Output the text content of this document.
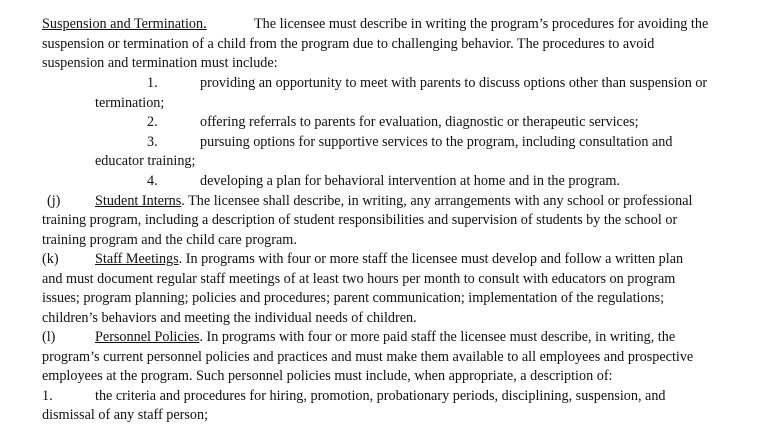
Suspension and Termination.	The licensee must describe in writing the program’s procedures for avoiding the
suspension or termination of a child from the program due to challenging behavior. The procedures to avoid
suspension and termination must include:
1.	providing an opportunity to meet with parents to discuss options other than suspension or
termination;
2.	offering referrals to parents for evaluation, diagnostic or therapeutic services;
3.	pursuing options for supportive services to the program, including consultation and
educator training;
4.	developing a plan for behavioral intervention at home and in the program.
(j) Student Interns. The licensee shall describe, in writing, any arrangements with any school or professional
training program, including a description of student responsibilities and supervision of students by the school or
training program and the child care program.
(k)	Staff Meetings. In programs with four or more staff the licensee must develop and follow a written plan
and must document regular staff meetings of at least two hours per month to consult with educators on program
issues; program planning; policies and procedures; parent communication; implementation of the regulations;
children’s behaviors and meeting the individual needs of children.
(l)	Personnel Policies. In programs with four or more paid staff the licensee must describe, in writing, the
program’s current personnel policies and practices and must make them available to all employees and prospective
employees at the program. Such personnel policies must include, when appropriate, a description of:
1.	the criteria and procedures for hiring, promotion, probationary periods, disciplining, suspension, and
dismissal of any staff person;
